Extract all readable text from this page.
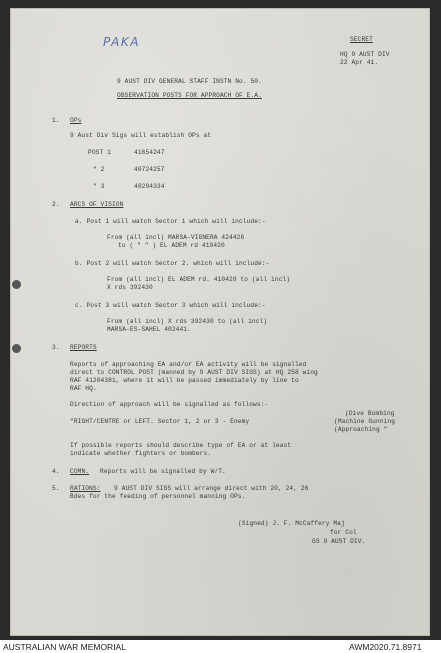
PAKA	SECRET
HQ 9 AUST DIV
22 Apr 41.
9 AUST DIV GENERAL STAFF INSTN No. 50.
OBSERVATION POSTS FOR APPROACH OF E.A.
1. OPs
9 Aust Div Sigs will establish OPs at
POST 1	41654247
" 2	40724257
" 3	40294334
2. ARCS OF VISION
a. Post 1 will watch Sector 1 which will include:-
From (all incl) MARSA-VIGNERA 424426
to ( " " ) EL ADEM rd 410420
b. Post 2 will watch Sector 2. which will include:-
From (all incl) EL ADEM rd. 410420 to (all incl)
X rds 392430
c. Post 3 will watch Sector 3 which will include:-
From (all incl) X rds 392430 to (all incl)
MARSA-ES-SAHEL 402441.
3. REPORTS
Reports of approaching EA and/or EA activity will be signalled
direct to CONTROL POST (manned by 9 AUST DIV SIGS) at HQ 258 wing
RAF 41204381, where it will be passed immediately by line to
RAF HQ.
Direction of approach will be signalled as follows:-
(Dive Bombing
"RIGHT/CENTRE or LEFT. Sector 1, 2 or 3 - Enemy	(Machine Gunning
(Approaching "
If possible reports should describe type of EA or at least
indicate whether fighters or bombers.
4. COMN. Reports will be signalled by W/T.
5. RATIONS: 9 AUST DIV SIGS will arrange direct with 20, 24, 26
Bdes for the feeding of personnel manning OPs.
(Signed) J. F. McCaffery Maj
for Col
GS 9 AUST DIV.
AUSTRALIAN WAR MEMORIAL	AWM2020.71.8971
